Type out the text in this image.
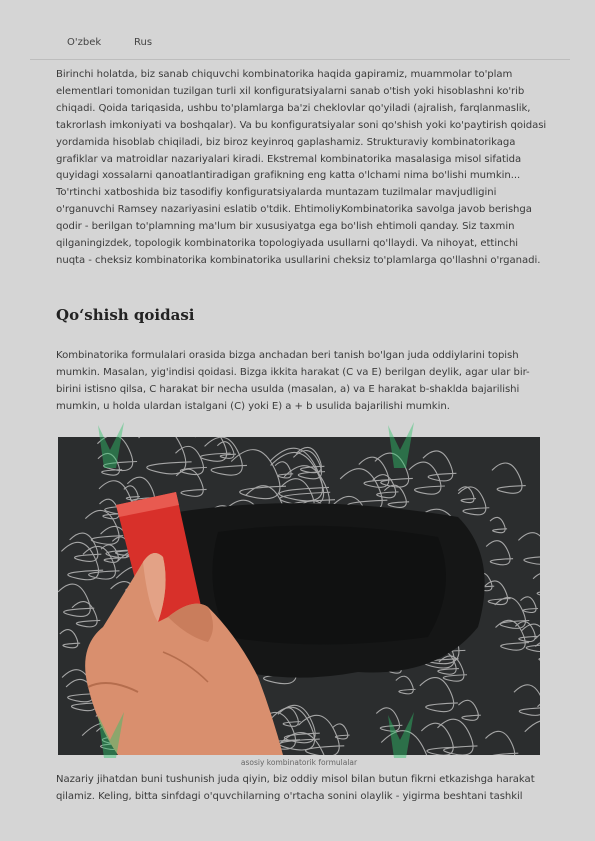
O'zbek	Rus

Birinchi holatda, biz sanab chiquvchi kombinatorika haqida gapiramiz, muammolar to'plam elementlari tomonidan tuzilgan turli xil konfiguratsiyalarni sanab o'tish yoki hisoblashni ko'rib chiqadi. Qoida tariqasida, ushbu to'plamlarga ba'zi cheklovlar qo'yiladi (ajralish, farqlanmaslik, takrorlash imkoniyati va boshqalar). Va bu konfiguratsiyalar soni qo'shish yoki ko'paytirish qoidasi yordamida hisoblab chiqiladi, biz biroz keyinroq gaplashamiz. Strukturaviy kombinatorikaga grafiklar va matroidlar nazariyalari kiradi. Ekstremal kombinatorika masalasiga misol sifatida quyidagi xossalarni qanoatlantiradigan grafikning eng katta o'lchami nima bo'lishi mumkin... To'rtinchi xatboshida biz tasodifiy konfiguratsiyalarda muntazam tuzilmalar mavjudligini o'rganuvchi Ramsey nazariyasini eslatib o'tdik. EhtimoliyKombinatorika savolga javob berishga qodir - berilgan to'plamning ma'lum bir xususiyatga ega bo'lish ehtimoli qanday. Siz taxmin qilganingizdek, topologik kombinatorika topologiyada usullarni qo'llaydi. Va nihoyat, ettinchi nuqta - cheksiz kombinatorika kombinatorika usullarini cheksiz to'plamlarga qo'llashni o'rganadi.

Qo‘shish qoidasi

Kombinatorika formulalari orasida bizga anchadan beri tanish bo'lgan juda oddiylarini topish mumkin. Masalan, yig'indisi qoidasi. Bizga ikkita harakat (C va E) berilgan deylik, agar ular bir-birini istisno qilsa, C harakat bir necha usulda (masalan, a) va E harakat b-shaklda bajarilishi mumkin, u holda ulardan istalgani (C) yoki E) a + b usulida bajarilishi mumkin.

asosiy kombinatorik formulalar

Nazariy jihatdan buni tushunish juda qiyin, biz oddiy misol bilan butun fikrni etkazishga harakat qilamiz. Keling, bitta sinfdagi o'quvchilarning o'rtacha sonini olaylik - yigirma beshtani tashkil
